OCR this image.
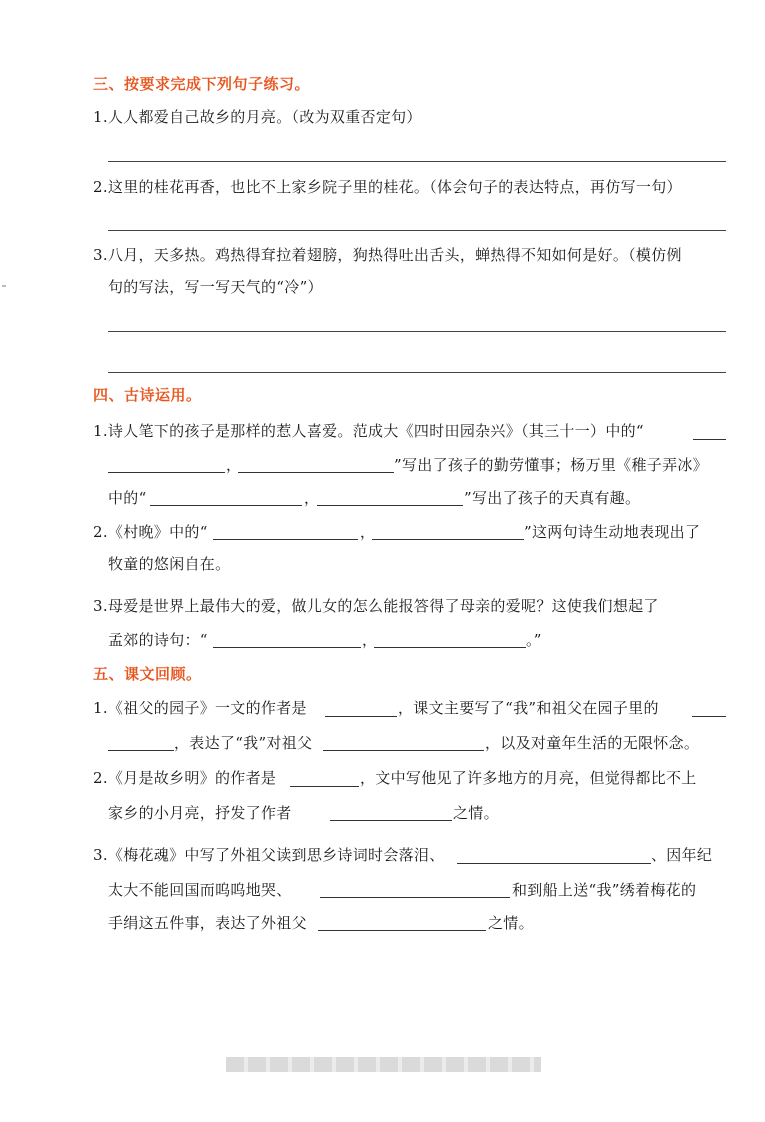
三、按要求完成下列句子练习。
1.人人都爱自己故乡的月亮。（改为双重否定句）
2.这里的桂花再香，也比不上家乡院子里的桂花。（体会句子的表达特点，再仿写一句）
3.八月，天多热。鸡热得耷拉着翅膀，狗热得吐出舌头，蝉热得不知如何是好。（模仿例
句的写法，写一写天气的“冷”）
四、古诗运用。
1.诗人笔下的孩子是那样的惹人喜爱。范成大《四时田园杂兴》（其三十一）中的“
，	”写出了孩子的勤劳懂事；杨万里《稚子弄冰》
中的“	，	”写出了孩子的天真有趣。
2.《村晚》中的“	，	”这两句诗生动地表现出了
牧童的悠闲自在。
3.母爱是世界上最伟大的爱，做儿女的怎么能报答得了母亲的爱呢？这使我们想起了
孟郊的诗句：“	，	。”
五、课文回顾。
1.《祖父的园子》一文的作者是	，课文主要写了“我”和祖父在园子里的
，表达了“我”对祖父	，以及对童年生活的无限怀念。
2.《月是故乡明》的作者是	，文中写他见了许多地方的月亮，但觉得都比不上
家乡的小月亮，抒发了作者	之情。
3.《梅花魂》中写了外祖父读到思乡诗词时会落泪、	、因年纪
太大不能回国而呜呜地哭、	和到船上送“我”绣着梅花的
手绢这五件事，表达了外祖父	之情。
